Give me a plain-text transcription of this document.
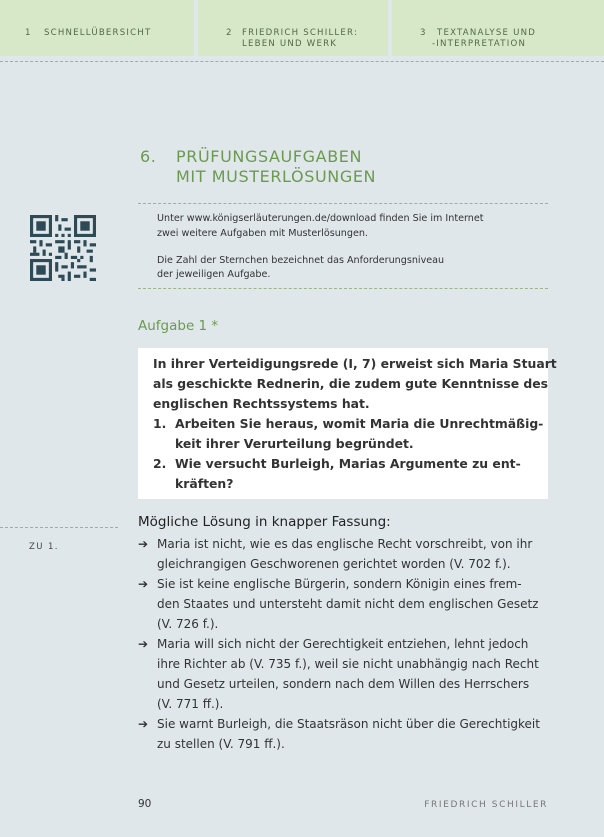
1 SCHNELLÜBERSICHT	2 FRIEDRICH SCHILLER:
LEBEN UND WERK
3 TEXTANALYSE UND
-INTERPRETATION
6. PRÜFUNGSAUFGABEN
MIT MUSTERLÖSUNGEN
Unter www.königserläuterungen.de/download finden Sie im Internet
zwei weitere Aufgaben mit Musterlösungen.
Die Zahl der Sternchen bezeichnet das Anforderungsniveau
der jeweiligen Aufgabe.
Aufgabe 1 *
In ihrer Verteidigungsrede (I, 7) erweist sich Maria Stuart
als geschickte Rednerin, die zudem gute Kenntnisse des
englischen Rechtssystems hat.
1. Arbeiten Sie heraus, womit Maria die Unrechtmäßig-
keit ihrer Verurteilung begründet.
2. Wie versucht Burleigh, Marias Argumente zu ent-
kräften?
Mögliche Lösung in knapper Fassung:
ZU 1.	➔ Maria ist nicht, wie es das englische Recht vorschreibt, von ihr
gleichrangigen Geschworenen gerichtet worden (V. 702 f.).
➔ Sie ist keine englische Bürgerin, sondern Königin eines frem-
den Staates und untersteht damit nicht dem englischen Gesetz
(V. 726 f.).
➔ Maria will sich nicht der Gerechtigkeit entziehen, lehnt jedoch
ihre Richter ab (V. 735 f.), weil sie nicht unabhängig nach Recht
und Gesetz urteilen, sondern nach dem Willen des Herrschers
(V. 771 ff.).
➔ Sie warnt Burleigh, die Staatsräson nicht über die Gerechtigkeit
zu stellen (V. 791 ff.).
90	FRIEDRICH SCHILLER
